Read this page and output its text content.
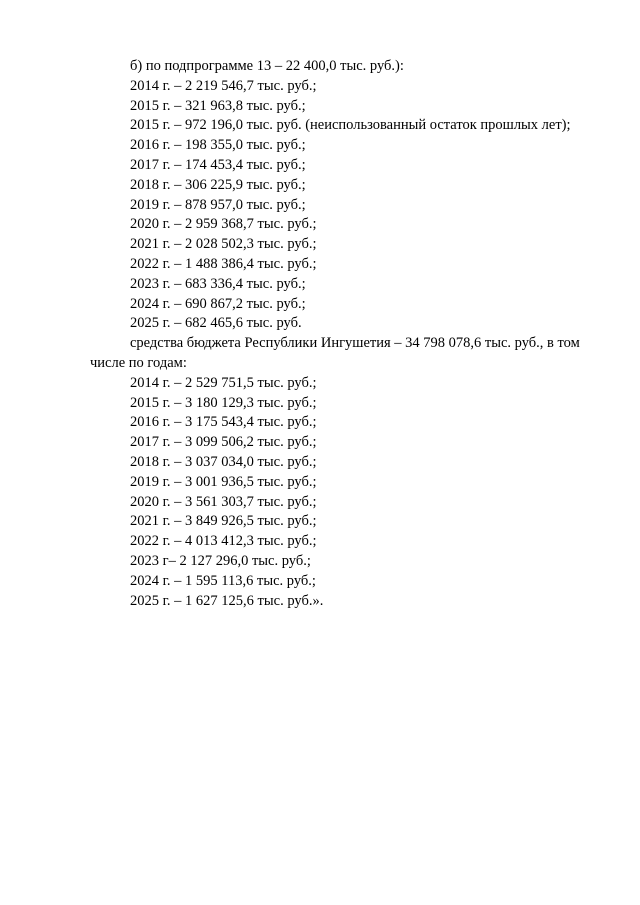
б) по подпрограмме 13 – 22 400,0 тыс. руб.):
2014 г. – 2 219 546,7 тыс. руб.;
2015 г. – 321 963,8 тыс. руб.;
2015 г. – 972 196,0 тыс. руб. (неиспользованный остаток прошлых лет);
2016 г. – 198 355,0 тыс. руб.;
2017 г. – 174 453,4 тыс. руб.;
2018 г. – 306 225,9 тыс. руб.;
2019 г. – 878 957,0 тыс. руб.;
2020 г. – 2 959 368,7 тыс. руб.;
2021 г. – 2 028 502,3 тыс. руб.;
2022 г. – 1 488 386,4 тыс. руб.;
2023 г. – 683 336,4 тыс. руб.;
2024 г. – 690 867,2 тыс. руб.;
2025 г. – 682 465,6 тыс. руб.
средства бюджета Республики Ингушетия – 34 798 078,6 тыс. руб., в том
числе по годам:
2014 г. – 2 529 751,5 тыс. руб.;
2015 г. – 3 180 129,3 тыс. руб.;
2016 г. – 3 175 543,4 тыс. руб.;
2017 г. – 3 099 506,2 тыс. руб.;
2018 г. – 3 037 034,0 тыс. руб.;
2019 г. – 3 001 936,5 тыс. руб.;
2020 г. – 3 561 303,7 тыс. руб.;
2021 г. – 3 849 926,5 тыс. руб.;
2022 г. – 4 013 412,3 тыс. руб.;
2023 г– 2 127 296,0 тыс. руб.;
2024 г. – 1 595 113,6 тыс. руб.;
2025 г. – 1 627 125,6 тыс. руб.».
